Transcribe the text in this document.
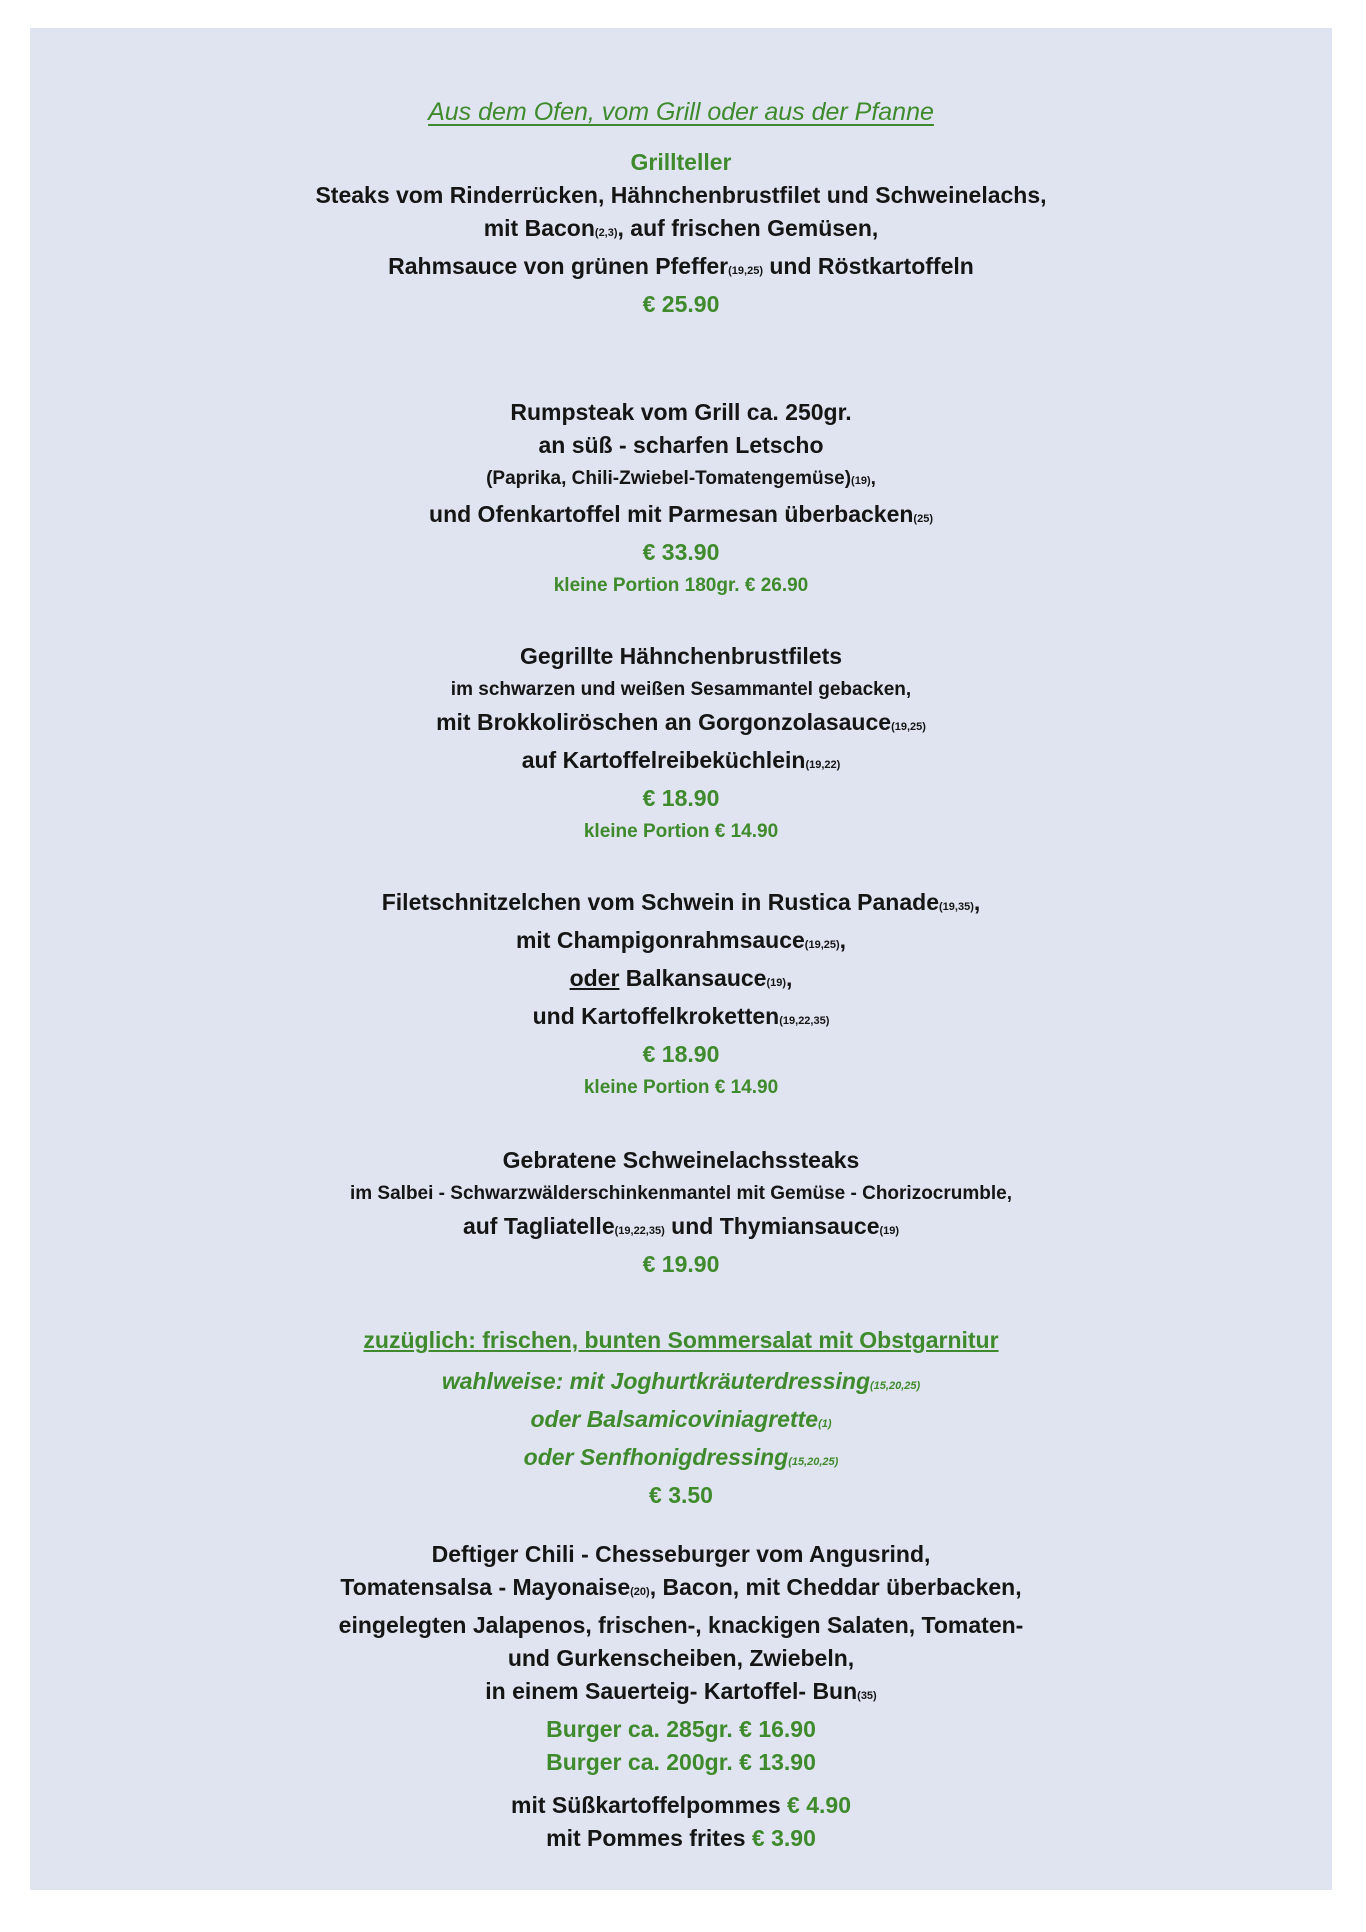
Aus dem Ofen, vom Grill oder aus der Pfanne
Grillteller
Steaks vom Rinderrücken, Hähnchenbrustfilet und Schweinelachs,
mit Bacon(2,3), auf frischen Gemüsen,
Rahmsauce von grünen Pfeffer(19,25) und Röstkartoffeln
€ 25.90
Rumpsteak vom Grill ca. 250gr.
an süß - scharfen Letscho
(Paprika, Chili-Zwiebel-Tomatengemüse)(19),
und Ofenkartoffel mit Parmesan überbacken(25)
€ 33.90
kleine Portion 180gr. € 26.90
Gegrillte Hähnchenbrustfilets
im schwarzen und weißen Sesammantel gebacken,
mit Brokkoliröschen an Gorgonzolasauce(19,25)
auf Kartoffelreibeküchlein(19,22)
€ 18.90
kleine Portion € 14.90
Filetschnitzelchen vom Schwein in Rustica Panade(19,35),
mit Champigonrahmsauce(19,25),
oder Balkansauce(19),
und Kartoffelkroketten(19,22,35)
€ 18.90
kleine Portion € 14.90
Gebratene Schweinelachssteaks
im Salbei - Schwarzwälderschinkenmantel mit Gemüse - Chorizocrumble,
auf Tagliatelle(19,22,35) und Thymiansauce(19)
€ 19.90
zuzüglich: frischen, bunten Sommersalat mit Obstgarnitur
wahlweise: mit Joghurtkräuterdressing(15,20,25)
oder Balsamicoviniagrette(1)
oder Senfhonigdressing(15,20,25)
€ 3.50
Deftiger Chili - Chesseburger vom Angusrind,
Tomatensalsa - Mayonaise(20), Bacon, mit Cheddar überbacken,
eingelegten Jalapenos, frischen-, knackigen Salaten, Tomaten-
und Gurkenscheiben, Zwiebeln,
in einem Sauerteig- Kartoffel- Bun(35)
Burger ca. 285gr. € 16.90
Burger ca. 200gr. € 13.90
mit Süßkartoffelpommes € 4.90
mit Pommes frites € 3.90
